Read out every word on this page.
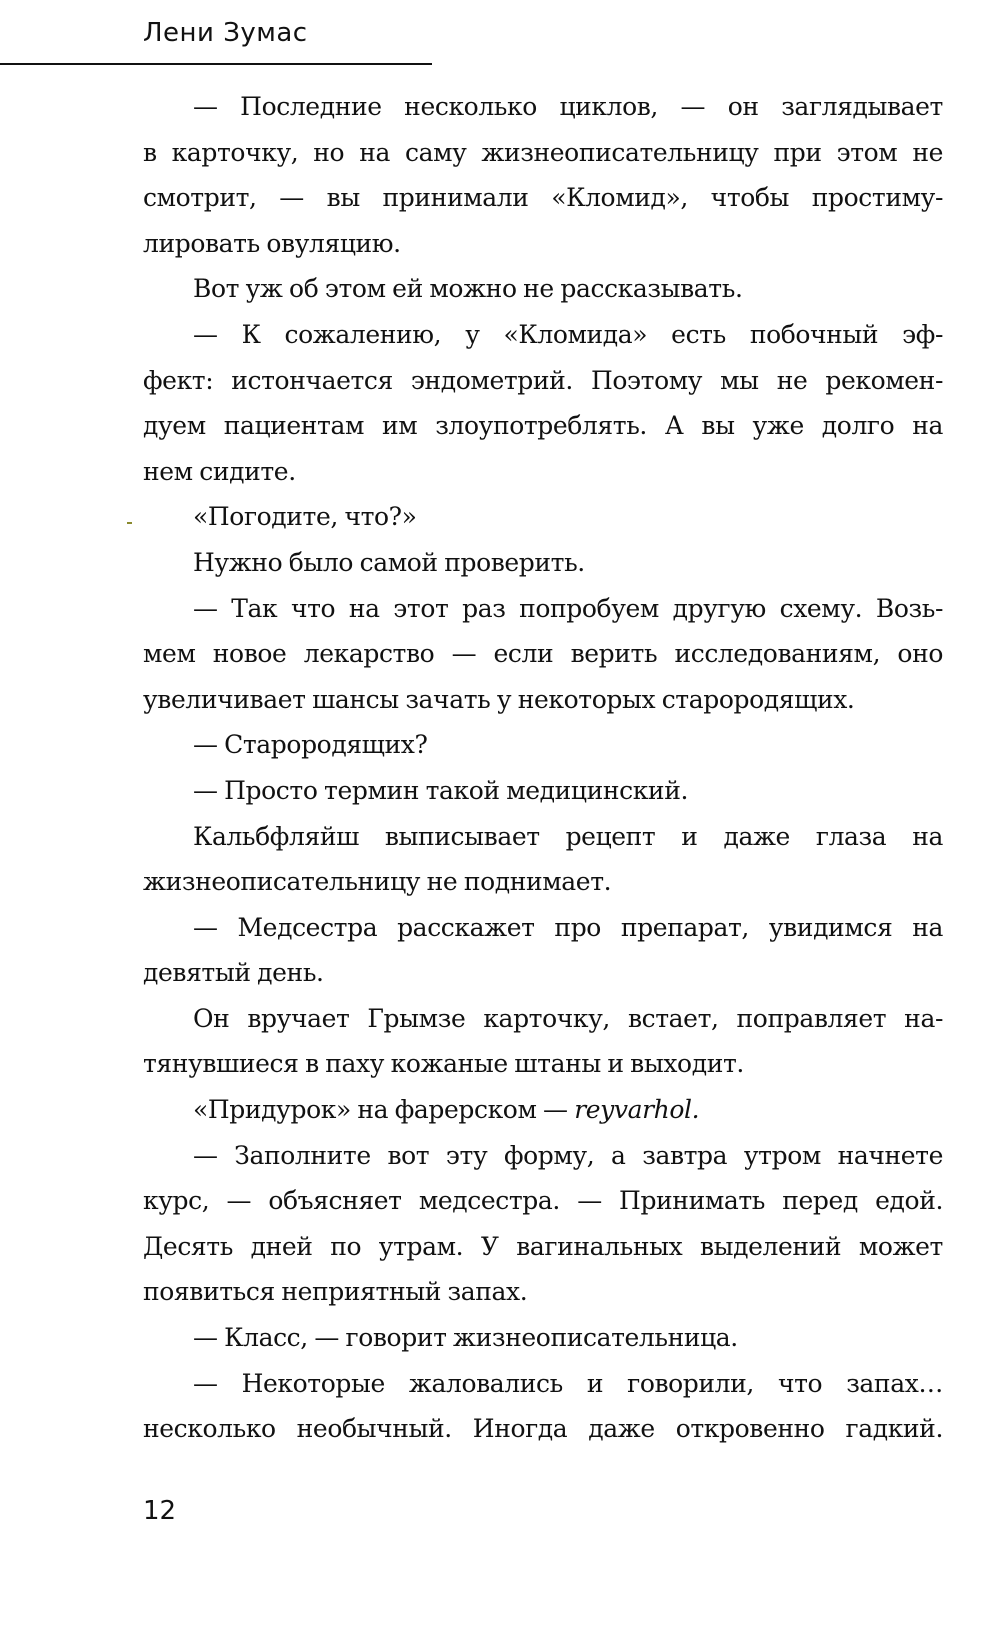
Лени Зумас
— Последние несколько циклов, — он заглядывает
в карточку, но на саму жизнеописательницу при этом не
смотрит, — вы принимали «Кломид», чтобы простиму-
лировать овуляцию.
Вот уж об этом ей можно не рассказывать.
— К сожалению, у «Кломида» есть побочный эф-
фект: истончается эндометрий. Поэтому мы не рекомен-
дуем пациентам им злоупотреблять. А вы уже долго на
нем сидите.
«Погодите, что?»
Нужно было самой проверить.
— Так что на этот раз попробуем другую схему. Возь-
мем новое лекарство — если верить исследованиям, оно
увеличивает шансы зачать у некоторых старородящих.
— Старородящих?
— Просто термин такой медицинский.
Кальбфляйш выписывает рецепт и даже глаза на
жизнеописательницу не поднимает.
— Медсестра расскажет про препарат, увидимся на
девятый день.
Он вручает Грымзе карточку, встает, поправляет на-
тянувшиеся в паху кожаные штаны и выходит.
«Придурок» на фарерском — reyvarhol.
— Заполните вот эту форму, а завтра утром начнете
курс, — объясняет медсестра. — Принимать перед едой.
Десять дней по утрам. У вагинальных выделений может
появиться неприятный запах.
— Класс, — говорит жизнеописательница.
— Некоторые жаловались и говорили, что запах…
несколько необычный. Иногда даже откровенно гадкий.
12
